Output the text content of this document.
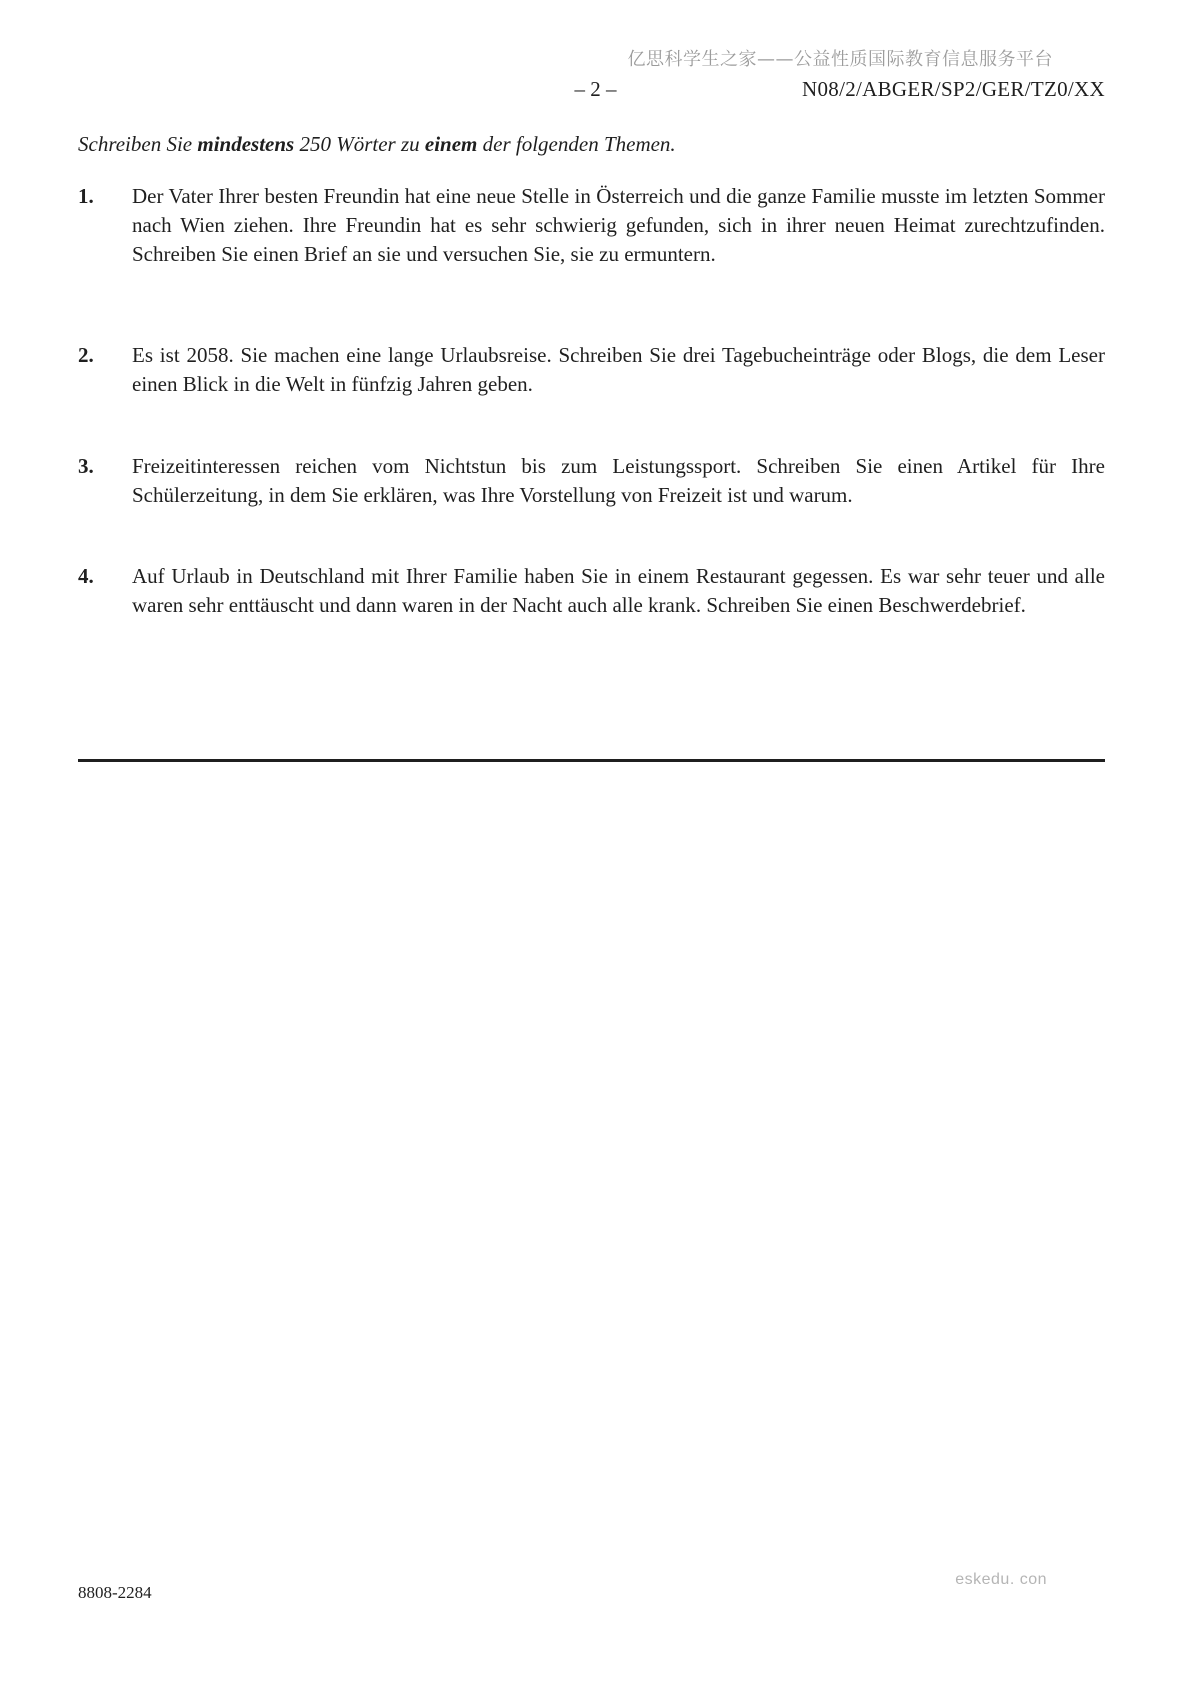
亿思科学生之家——公益性质国际教育信息服务平台
– 2 –	N08/2/ABGER/SP2/GER/TZ0/XX
Schreiben Sie mindestens 250 Wörter zu einem der folgenden Themen.
1.	Der Vater Ihrer besten Freundin hat eine neue Stelle in Österreich und die ganze Familie musste im letzten Sommer nach Wien ziehen. Ihre Freundin hat es sehr schwierig gefunden, sich in ihrer neuen Heimat zurechtzufinden. Schreiben Sie einen Brief an sie und versuchen Sie, sie zu ermuntern.

2.	Es ist 2058. Sie machen eine lange Urlaubsreise. Schreiben Sie drei Tagebucheinträge oder Blogs, die dem Leser einen Blick in die Welt in fünfzig Jahren geben.

3.	Freizeitinteressen reichen vom Nichtstun bis zum Leistungssport. Schreiben Sie einen Artikel für Ihre Schülerzeitung, in dem Sie erklären, was Ihre Vorstellung von Freizeit ist und warum.

4.	Auf Urlaub in Deutschland mit Ihrer Familie haben Sie in einem Restaurant gegessen. Es war sehr teuer und alle waren sehr enttäuscht und dann waren in der Nacht auch alle krank. Schreiben Sie einen Beschwerdebrief.

8808-2284
eskedu. con
